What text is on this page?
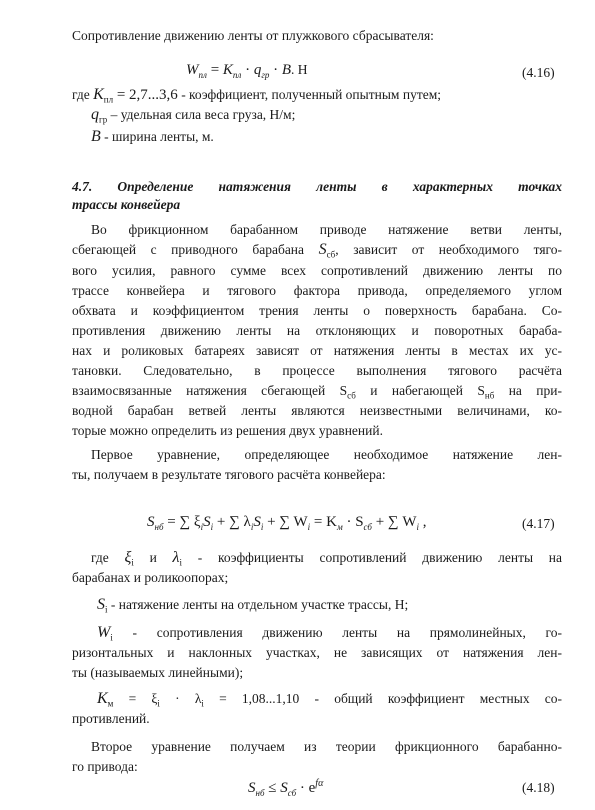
Сопротивление движению ленты от плужкового сбрасывателя:
$W_{пл} = K_{пл} \cdot q_{гр} \cdot B$. Н	(4.16)
где $K_{пл} = 2,7...3,6$ - коэффициент, полученный опытным путем;
$q_{гр}$ – удельная сила веса груза, Н/м;
B - ширина ленты, м.
4.7. Определение натяжения ленты в характерных точках
трассы конвейера
Во фрикционном барабанном приводе натяжение ветви ленты,
сбегающей с приводного барабана $S_{сб}$, зависит от необходимого тяго-
вого усилия, равного сумме всех сопротивлений движению ленты по
трассе конвейера и тягового фактора привода, определяемого углом
обхвата и коэффициентом трения ленты о поверхность барабана. Со-
противления движению ленты на отклоняющих и поворотных бараба-
нах и роликовых батареях зависят от натяжения ленты в местах их ус-
тановки. Следовательно, в процессе выполнения тягового расчёта
взаимосвязанные натяжения сбегающей $S_{сб}$ и набегающей $S_{нб}$ на при-
водной барабан ветвей ленты являются неизвестными величинами, ко-
торые можно определить из решения двух уравнений.
Первое уравнение, определяющее необходимое натяжение лен-
ты, получаем в результате тягового расчёта конвейера:
$S_{нб}$ = ∑ $\xi_iS_i$ + ∑ $\lambda_iS_i$ + ∑ $W_i = K_м \cdot S_{сб}$ + ∑ $W_i$ ,	(4.17)
где $\xi_i$ и $\lambda_i$ - коэффициенты сопротивлений движению ленты на
барабанах и роликоопорах;
$S_i$ - натяжение ленты на отдельном участке трассы, Н;
$W_i$ - сопротивления движению ленты на прямолинейных, го-
ризонтальных и наклонных участках, не зависящих от натяжения лен-
ты (называемых линейными);
$K_м = \xi_i \cdot \lambda_i = 1,08...1,10$ - общий коэффициент местных со-
противлений.
Второе уравнение получаем из теории фрикционного барабанно-
го привода:
$S_{нб} \le S_{сб} \cdot e^{f\alpha}$	(4.18)
